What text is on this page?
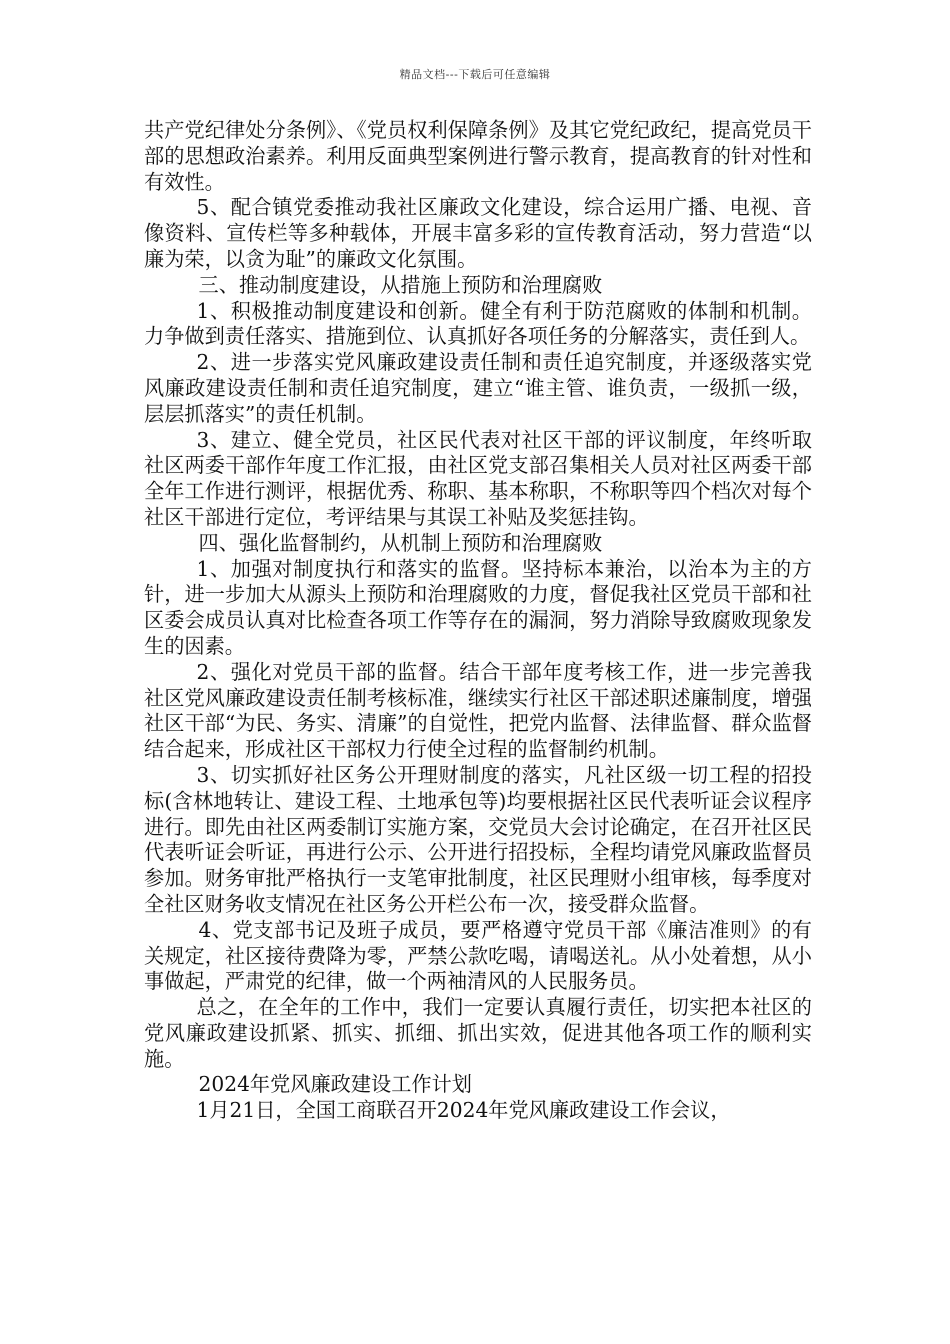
精品文档---下载后可任意编辑

共产党纪律处分条例》、《党员权利保障条例》及其它党纪政纪，提高党员干部的思想政治素养。利用反面典型案例进行警示教育，提高教育的针对性和有效性。

5、配合镇党委推动我社区廉政文化建设，综合运用广播、电视、音像资料、宣传栏等多种载体，开展丰富多彩的宣传教育活动，努力营造“以廉为荣，以贪为耻”的廉政文化氛围。

三、推动制度建设，从措施上预防和治理腐败

1、积极推动制度建设和创新。健全有利于防范腐败的体制和机制。力争做到责任落实、措施到位、认真抓好各项任务的分解落实，责任到人。

2、进一步落实党风廉政建设责任制和责任追究制度，并逐级落实党风廉政建设责任制和责任追究制度，建立“谁主管、谁负责，一级抓一级，层层抓落实”的责任机制。

3、建立、健全党员，社区民代表对社区干部的评议制度，年终听取社区两委干部作年度工作汇报，由社区党支部召集相关人员对社区两委干部全年工作进行测评，根据优秀、称职、基本称职，不称职等四个档次对每个社区干部进行定位，考评结果与其误工补贴及奖惩挂钩。

四、强化监督制约，从机制上预防和治理腐败

1、加强对制度执行和落实的监督。坚持标本兼治，以治本为主的方针，进一步加大从源头上预防和治理腐败的力度，督促我社区党员干部和社区委会成员认真对比检查各项工作等存在的漏洞，努力消除导致腐败现象发生的因素。

2、强化对党员干部的监督。结合干部年度考核工作，进一步完善我社区党风廉政建设责任制考核标准，继续实行社区干部述职述廉制度，增强社区干部“为民、务实、清廉”的自觉性，把党内监督、法律监督、群众监督结合起来，形成社区干部权力行使全过程的监督制约机制。

3、切实抓好社区务公开理财制度的落实，凡社区级一切工程的招投标(含林地转让、建设工程、土地承包等)均要根据社区民代表听证会议程序进行。即先由社区两委制订实施方案，交党员大会讨论确定，在召开社区民代表听证会听证，再进行公示、公开进行招投标，全程均请党风廉政监督员参加。财务审批严格执行一支笔审批制度，社区民理财小组审核，每季度对全社区财务收支情况在社区务公开栏公布一次，接受群众监督。

4、党支部书记及班子成员，要严格遵守党员干部《廉洁准则》的有关规定，社区接待费降为零，严禁公款吃喝，请喝送礼。从小处着想，从小事做起，严肃党的纪律，做一个两袖清风的人民服务员。

总之，在全年的工作中，我们一定要认真履行责任，切实把本社区的党风廉政建设抓紧、抓实、抓细、抓出实效，促进其他各项工作的顺利实施。

2024年党风廉政建设工作计划

1月21日，全国工商联召开2024年党风廉政建设工作会议，
